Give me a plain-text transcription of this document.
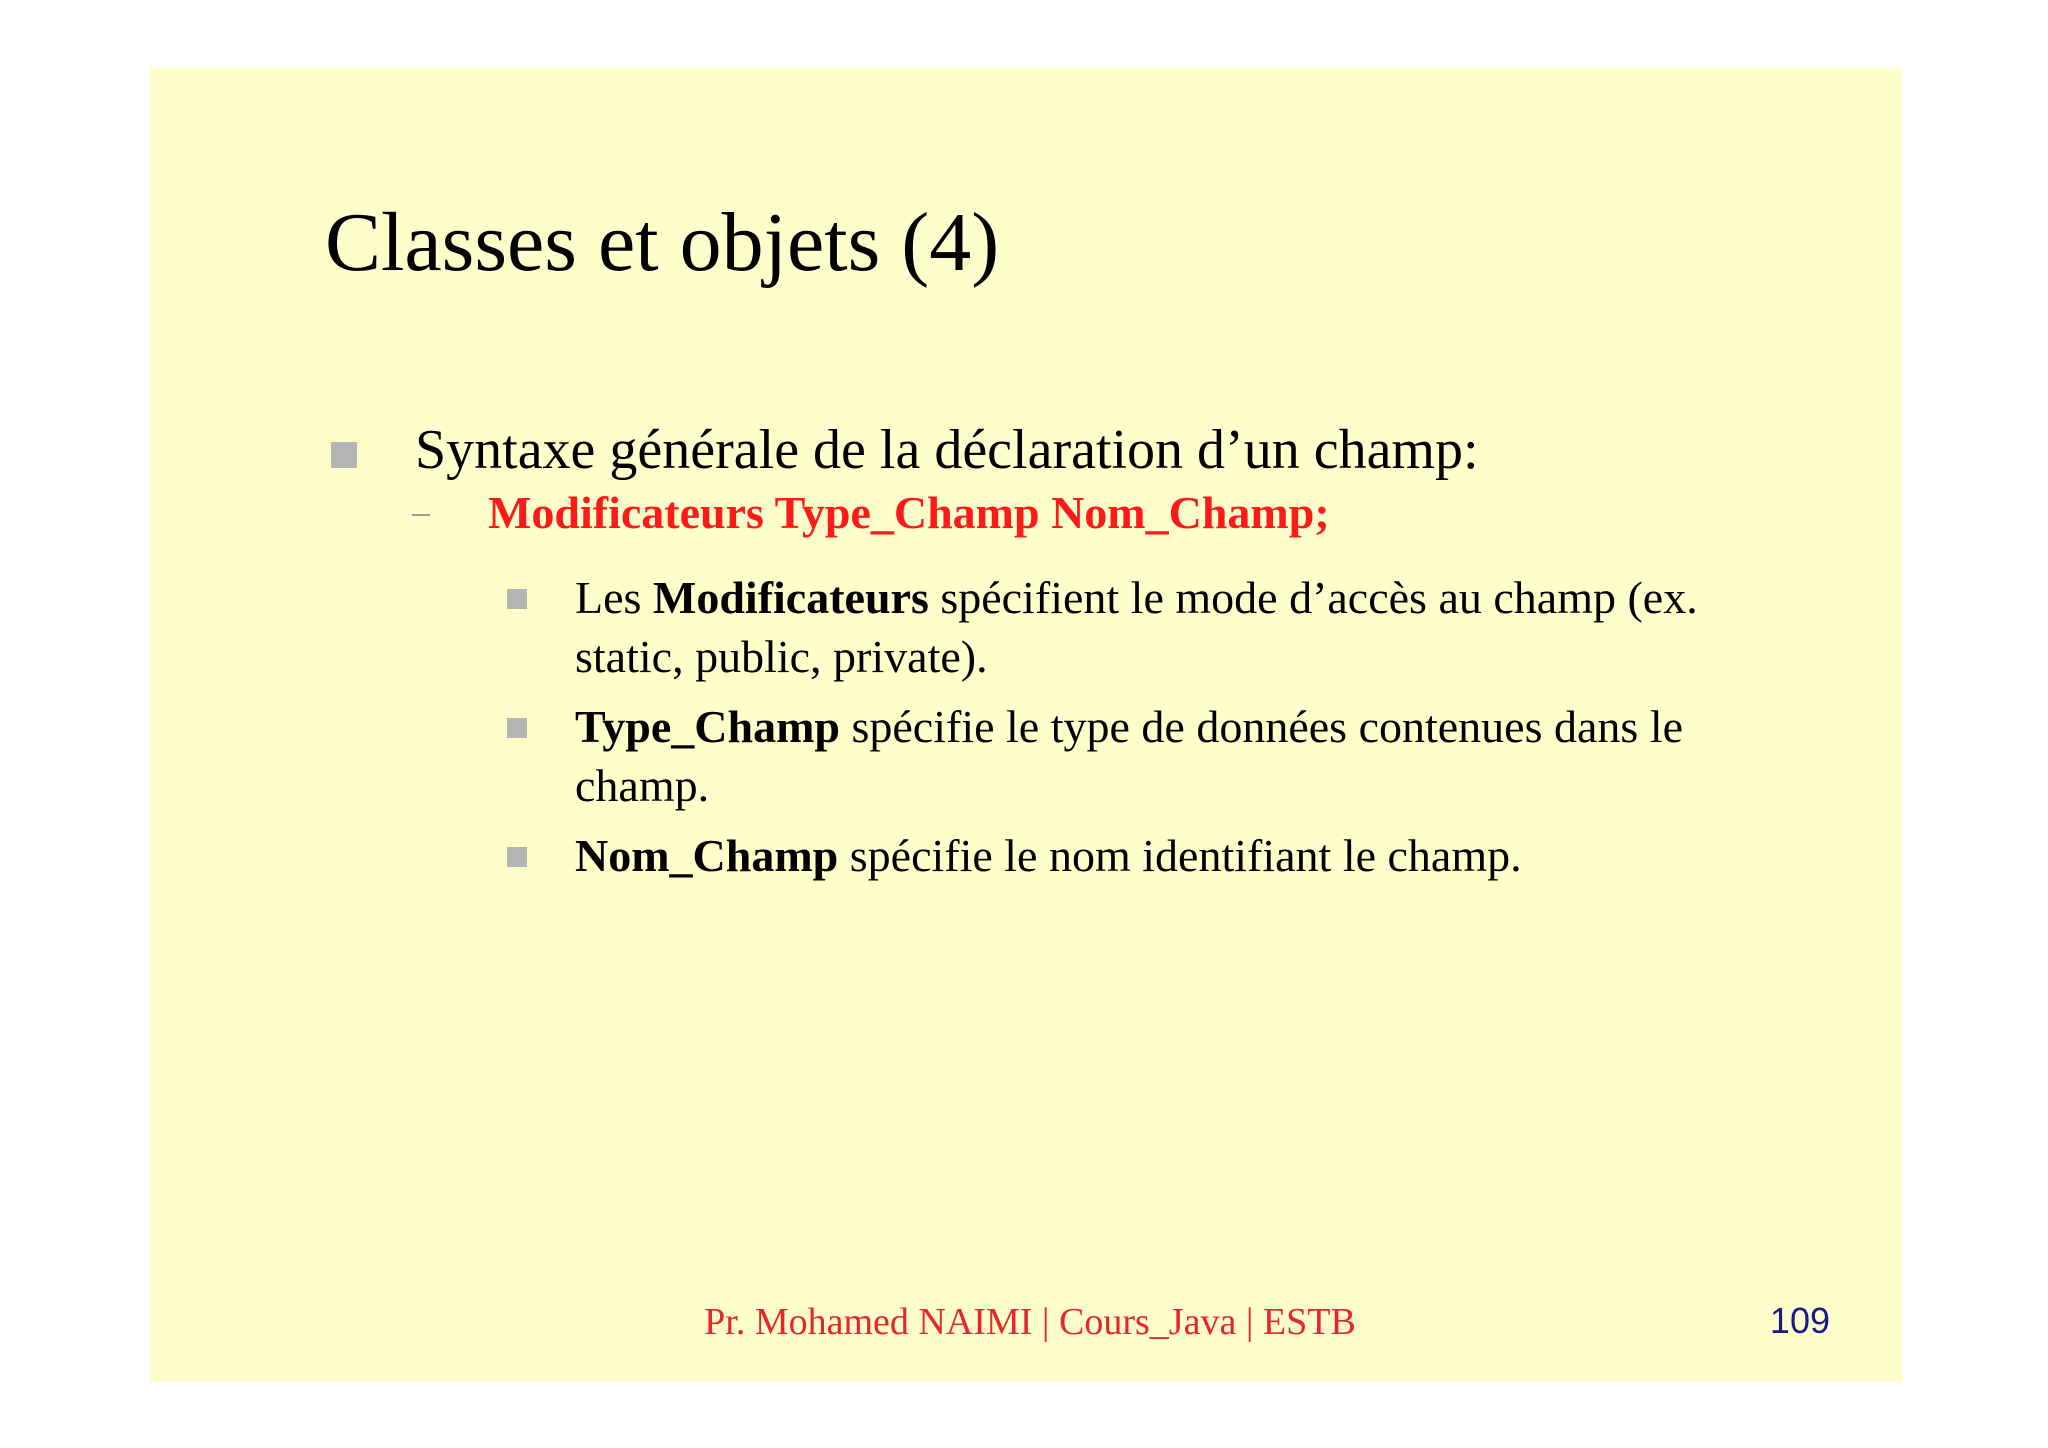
Classes et objets (4)
Syntaxe générale de la déclaration d’un champ:
Modificateurs Type_Champ Nom_Champ;
Les Modificateurs spécifient le mode d’accès au champ (ex. static, public, private).
Type_Champ spécifie le type de données contenues dans le champ.
Nom_Champ spécifie le nom identifiant le champ.
Pr. Mohamed NAIMI | Cours_Java | ESTB	109
